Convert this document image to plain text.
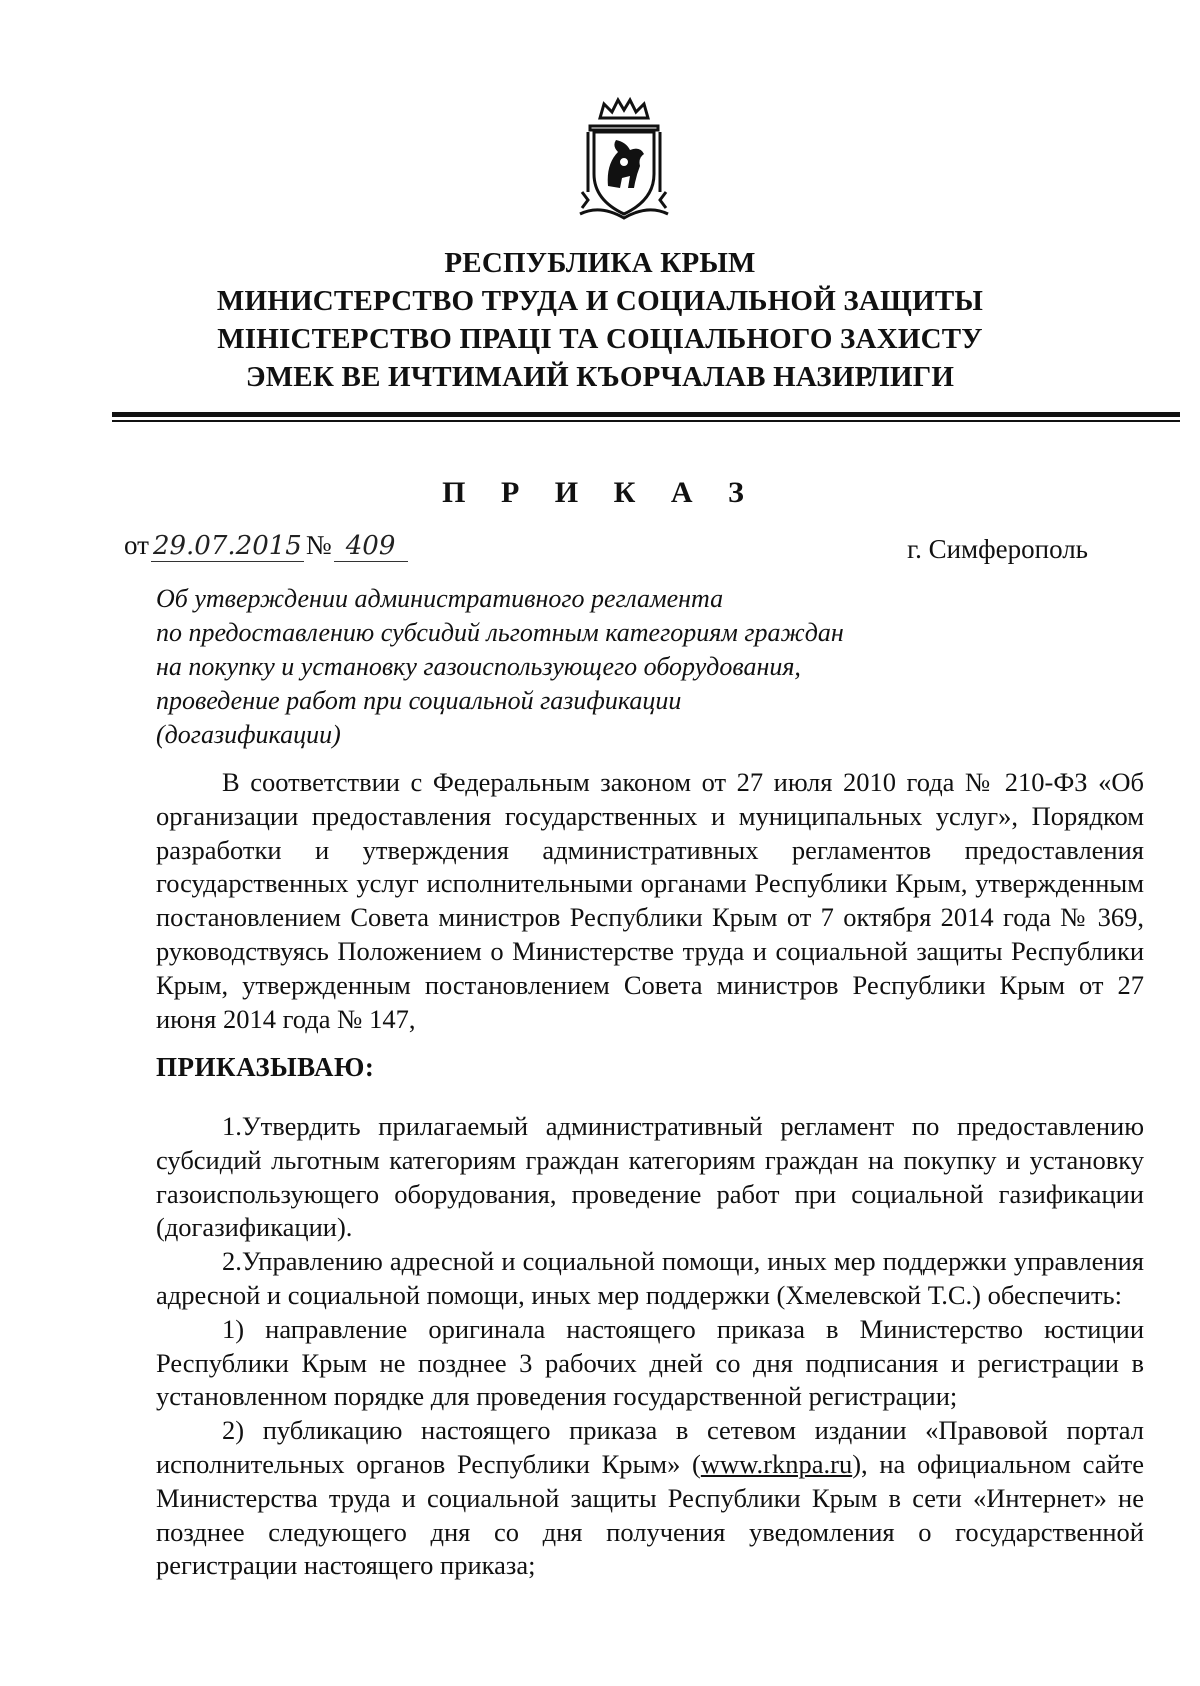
РЕСПУБЛИКА КРЫМ
МИНИСТЕРСТВО ТРУДА И СОЦИАЛЬНОЙ ЗАЩИТЫ
МІНІСТЕРСТВО ПРАЦІ ТА СОЦІАЛЬНОГО ЗАХИСТУ
ЭМЕК ВЕ ИЧТИМАИЙ КЪОРЧАЛАВ НАЗИРЛИГИ
П Р И К А З
от 29.07.2015 № 409	г. Симферополь
Об утверждении административного регламента
по предоставлению субсидий льготным категориям граждан
на покупку и установку газоиспользующего оборудования,
проведение работ при социальной газификации
(догазификации)
В соответствии с Федеральным законом от 27 июля 2010 года № 210-ФЗ «Об организации предоставления государственных и муниципальных услуг», Порядком разработки и утверждения административных регламентов предоставления государственных услуг исполнительными органами Республики Крым, утвержденным постановлением Совета министров Республики Крым от 7 октября 2014 года № 369, руководствуясь Положением о Министерстве труда и социальной защиты Республики Крым, утвержденным постановлением Совета министров Республики Крым от 27 июня 2014 года № 147,
ПРИКАЗЫВАЮ:

1.Утвердить прилагаемый административный регламент по предоставлению субсидий льготным категориям граждан категориям граждан на покупку и установку газоиспользующего оборудования, проведение работ при социальной газификации (догазификации).

2.Управлению адресной и социальной помощи, иных мер поддержки управления адресной и социальной помощи, иных мер поддержки (Хмелевской Т.С.) обеспечить:

1) направление оригинала настоящего приказа в Министерство юстиции Республики Крым не позднее 3 рабочих дней со дня подписания и регистрации в установленном порядке для проведения государственной регистрации;

2) публикацию настоящего приказа в сетевом издании «Правовой портал исполнительных органов Республики Крым» (www.rknpa.ru), на официальном сайте Министерства труда и социальной защиты Республики Крым в сети «Интернет» не позднее следующего дня со дня получения уведомления о государственной регистрации настоящего приказа;
